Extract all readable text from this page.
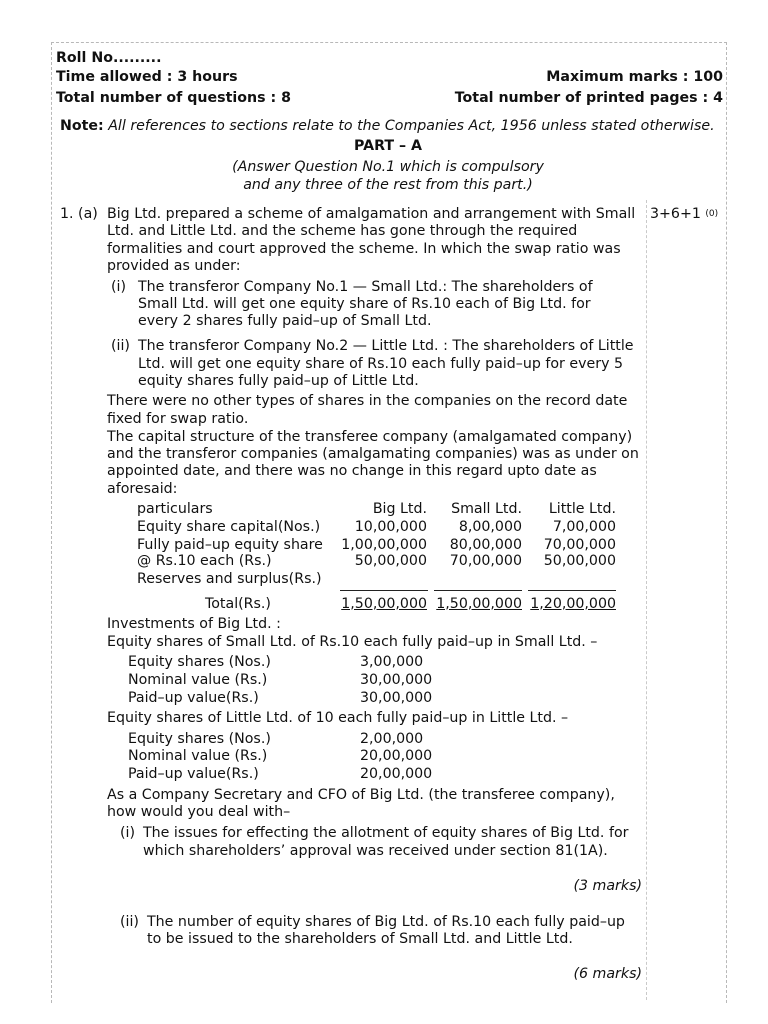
Roll No.........
Time allowed : 3 hours	Maximum marks : 100
Total number of questions : 8	Total number of printed pages : 4
Note: All references to sections relate to the Companies Act, 1956 unless stated otherwise.
PART – A
(Answer Question No.1 which is compulsory
and any three of the rest from this part.)
1. (a)	3+6+1 $^{(0)}$
Big Ltd. prepared a scheme of amalgamation and arrangement with Small
Ltd. and Little Ltd. and the scheme has gone through the required
formalities and court approved the scheme. In which the swap ratio was
provided as under:
(i) The transferor Company No.1 — Small Ltd.: The shareholders of
Small Ltd. will get one equity share of Rs.10 each of Big Ltd. for
every 2 shares fully paid–up of Small Ltd.
(ii) The transferor Company No.2 — Little Ltd. : The shareholders of Little
Ltd. will get one equity share of Rs.10 each fully paid–up for every 5
equity shares fully paid–up of Little Ltd.
There were no other types of shares in the companies on the record date
fixed for swap ratio.
The capital structure of the transferee company (amalgamated company)
and the transferor companies (amalgamating companies) was as under on
appointed date, and there was no change in this regard upto date as
aforesaid:
particulars	Big Ltd. Small Ltd. Little Ltd.
Equity share capital(Nos.) 10,00,000 8,00,000 7,00,000
Fully paid–up equity share 1,00,00,000 80,00,000 70,00,000
@ Rs.10 each (Rs.)	50,00,000 70,00,000 50,00,000
Reserves and surplus(Rs.)
Total(Rs.)	1,50,00,000 1,50,00,000 1,20,00,000
Investments of Big Ltd. :
Equity shares of Small Ltd. of Rs.10 each fully paid–up in Small Ltd. –
Equity shares (Nos.)	3,00,000
Nominal value (Rs.)	30,00,000
Paid–up value(Rs.)	30,00,000
Equity shares of Little Ltd. of 10 each fully paid–up in Little Ltd. –
Equity shares (Nos.)	2,00,000
Nominal value (Rs.)	20,00,000
Paid–up value(Rs.)	20,00,000
As a Company Secretary and CFO of Big Ltd. (the transferee company),
how would you deal with–
(i) The issues for effecting the allotment of equity shares of Big Ltd. for
which shareholders’ approval was received under section 81(1A).
(3 marks)
(ii) The number of equity shares of Big Ltd. of Rs.10 each fully paid–up
to be issued to the shareholders of Small Ltd. and Little Ltd.
(6 marks)
